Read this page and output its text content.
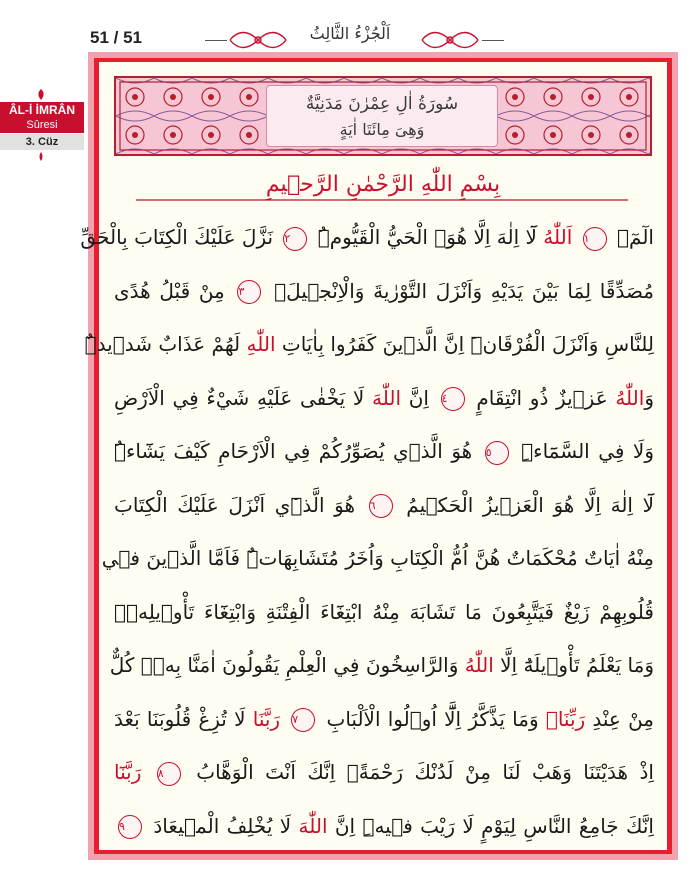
51 / 51	اَلْجُزْءُ الثَّالِثُ
ÂL-İ İMRÂN
Sûresi
3. Cüz
سُورَةُ اٰلِ عِمْرٰنَ مَدَنِيَّةٌ
وَهِىَ مِائَتَا اٰيَةٍ
بِسْمِ اللّٰهِ الرَّحْمٰنِ الرَّح۪يمِ
الٓمٓۚ ١ اَللّٰهُ لَٓا اِلٰهَ اِلَّا هُوَۙ الْحَيُّ الْقَيُّومُۜ ٢ نَزَّلَ عَلَيْكَ الْكِتَابَ بِالْحَقِّ
مُصَدِّقًا لِمَا بَيْنَ يَدَيْهِ وَاَنْزَلَ التَّوْرٰيةَ وَالْاِنْج۪يلَۙ ٣ مِنْ قَبْلُ هُدًى
لِلنَّاسِ وَاَنْزَلَ الْفُرْقَانَۜ اِنَّ الَّذ۪ينَ كَفَرُوا بِاٰيَاتِ اللّٰهِ لَهُمْ عَذَابٌ شَد۪يدٌۜ
وَاللّٰهُ عَز۪يزٌ ذُو انْتِقَامٍ ٤ اِنَّ اللّٰهَ لَا يَخْفٰى عَلَيْهِ شَيْءٌ فِي الْاَرْضِ
وَلَا فِي السَّمَٓاءِۜ ٥ هُوَ الَّذ۪ي يُصَوِّرُكُمْ فِي الْاَرْحَامِ كَيْفَ يَشَٓاءُۜ
لَٓا اِلٰهَ اِلَّا هُوَ الْعَز۪يزُ الْحَك۪يمُ ٦ هُوَ الَّذ۪ٓي اَنْزَلَ عَلَيْكَ الْكِتَابَ
مِنْهُ اٰيَاتٌ مُحْكَمَاتٌ هُنَّ اُمُّ الْكِتَابِ وَاُخَرُ مُتَشَابِهَاتٌۜ فَاَمَّا الَّذ۪ينَ ف۪ي
قُلُوبِهِمْ زَيْغٌ فَيَتَّبِعُونَ مَا تَشَابَهَ مِنْهُ ابْتِغَٓاءَ الْفِتْنَةِ وَابْتِغَٓاءَ تَأْو۪يلِه۪ۚ
وَمَا يَعْلَمُ تَأْو۪يلَهُٓ اِلَّا اللّٰهُ وَالرَّاسِخُونَ فِي الْعِلْمِ يَقُولُونَ اٰمَنَّا بِه۪ۙ كُلٌّ
مِنْ عِنْدِ رَبِّنَاۚ وَمَا يَذَّكَّرُ اِلَّٓا اُو۬لُوا الْاَلْبَابِ ٧ رَبَّنَا لَا تُزِغْ قُلُوبَنَا بَعْدَ
اِذْ هَدَيْتَنَا وَهَبْ لَنَا مِنْ لَدُنْكَ رَحْمَةًۚ اِنَّكَ اَنْتَ الْوَهَّابُ ٨ رَبَّنَٓا
اِنَّكَ جَامِعُ النَّاسِ لِيَوْمٍ لَا رَيْبَ ف۪يهِۜ اِنَّ اللّٰهَ لَا يُخْلِفُ الْم۪يعَادَ ٩
